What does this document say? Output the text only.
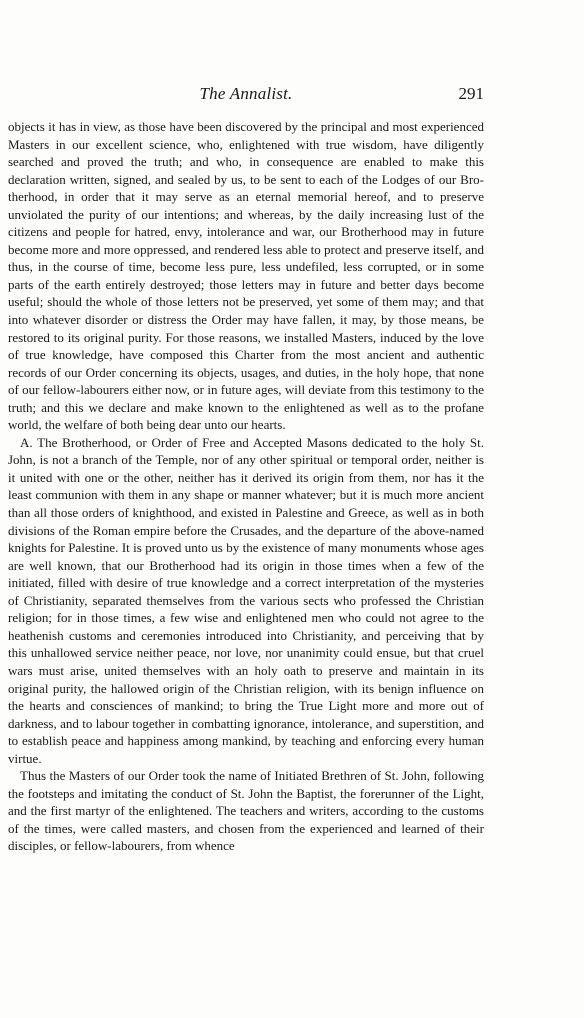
The Annalist.	291

objects it has in view, as those have been discovered by the principal and most experienced Masters in our excellent science, who, enlightened with true wisdom, have diligently searched and proved the truth; and who, in consequence are enabled to make this declaration written, signed, and sealed by us, to be sent to each of the Lodges of our Brotherhood, in order that it may serve as an eternal memorial hereof, and to preserve unviolated the purity of our intentions; and whereas, by the daily increasing lust of the citizens and people for hatred, envy, intolerance and war, our Brotherhood may in future become more and more oppressed, and rendered less able to protect and preserve itself, and thus, in the course of time, become less pure, less undefiled, less corrupted, or in some parts of the earth entirely destroyed; those letters may in future and better days become useful; should the whole of those letters not be preserved, yet some of them may; and that into whatever disorder or distress the Order may have fallen, it may, by those means, be restored to its original purity. For those reasons, we installed Masters, induced by the love of true knowledge, have composed this Charter from the most ancient and authentic records of our Order concerning its objects, usages, and duties, in the holy hope, that none of our fellow-labourers either now, or in future ages, will deviate from this testimony to the truth; and this we declare and make known to the enlightened as well as to the profane world, the welfare of both being dear unto our hearts.

A. The Brotherhood, or Order of Free and Accepted Masons dedicated to the holy St. John, is not a branch of the Temple, nor of any other spiritual or temporal order, neither is it united with one or the other, neither has it derived its origin from them, nor has it the least communion with them in any shape or manner whatever; but it is much more ancient than all those orders of knighthood, and existed in Palestine and Greece, as well as in both divisions of the Roman empire before the Crusades, and the departure of the above-named knights for Palestine. It is proved unto us by the existence of many monuments whose ages are well known, that our Brotherhood had its origin in those times when a few of the initiated, filled with desire of true knowledge and a correct interpretation of the mysteries of Christianity, separated themselves from the various sects who professed the Christian religion; for in those times, a few wise and enlightened men who could not agree to the heathenish customs and ceremonies introduced into Christianity, and perceiving that by this unhallowed service neither peace, nor love, nor unanimity could ensue, but that cruel wars must arise, united themselves with an holy oath to preserve and maintain in its original purity, the hallowed origin of the Christian religion, with its benign influence on the hearts and consciences of mankind; to bring the True Light more and more out of darkness, and to labour together in combatting ignorance, intolerance, and superstition, and to establish peace and happiness among mankind, by teaching and enforcing every human virtue.

Thus the Masters of our Order took the name of Initiated Brethren of St. John, following the footsteps and imitating the conduct of St. John the Baptist, the forerunner of the Light, and the first martyr of the enlightened. The teachers and writers, according to the customs of the times, were called masters, and chosen from the experienced and learned of their disciples, or fellow-labourers, from whence
